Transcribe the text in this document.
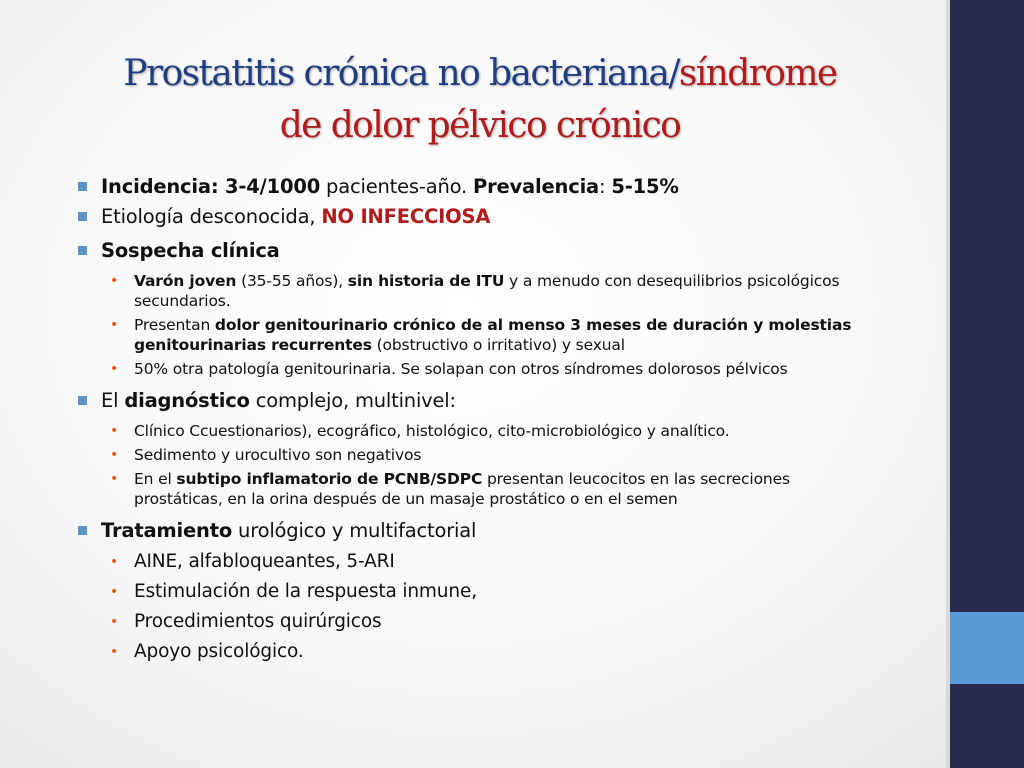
Prostatitis crónica no bacteriana/síndrome
de dolor pélvico crónico
Incidencia: 3-4/1000 pacientes-año. Prevalencia: 5-15%
Etiología desconocida, NO INFECCIOSA
Sospecha clínica
• Varón joven (35-55 años), sin historia de ITU y a menudo con desequilibrios psicológicos secundarios.
• Presentan dolor genitourinario crónico de al menso 3 meses de duración y molestias genitourinarias recurrentes (obstructivo o irritativo) y sexual
• 50% otra patología genitourinaria. Se solapan con otros síndromes dolorosos pélvicos
El diagnóstico complejo, multinivel:
• Clínico Ccuestionarios), ecográfico, histológico, cito-microbiológico y analítico.
• Sedimento y urocultivo son negativos
• En el subtipo inflamatorio de PCNB/SDPC presentan leucocitos en las secreciones prostáticas, en la orina después de un masaje prostático o en el semen
Tratamiento urológico y multifactorial
• AINE, alfabloqueantes, 5-ARI
• Estimulación de la respuesta inmune,
• Procedimientos quirúrgicos
• Apoyo psicológico.
